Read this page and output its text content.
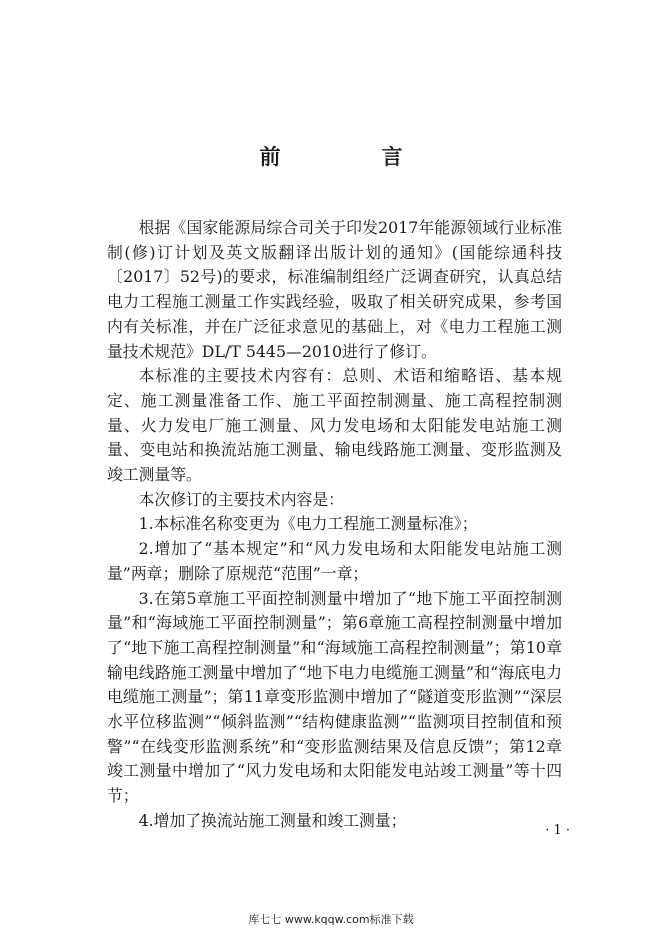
前　言

根据《国家能源局综合司关于印发2017年能源领域行业标准制(修)订计划及英文版翻译出版计划的通知》(国能综通科技〔2017〕52号)的要求，标准编制组经广泛调查研究，认真总结电力工程施工测量工作实践经验，吸取了相关研究成果，参考国内有关标准，并在广泛征求意见的基础上，对《电力工程施工测量技术规范》DL/T 5445—2010进行了修订。

本标准的主要技术内容有：总则、术语和缩略语、基本规定、施工测量准备工作、施工平面控制测量、施工高程控制测量、火力发电厂施工测量、风力发电场和太阳能发电站施工测量、变电站和换流站施工测量、输电线路施工测量、变形监测及竣工测量等。

本次修订的主要技术内容是：

1.本标准名称变更为《电力工程施工测量标准》；

2.增加了“基本规定”和“风力发电场和太阳能发电站施工测量”两章；删除了原规范“范围”一章；

3.在第5章施工平面控制测量中增加了“地下施工平面控制测量”和“海域施工平面控制测量”；第6章施工高程控制测量中增加了“地下施工高程控制测量”和“海域施工高程控制测量”；第10章输电线路施工测量中增加了“地下电力电缆施工测量”和“海底电力电缆施工测量”；第11章变形监测中增加了“隧道变形监测”“深层水平位移监测”“倾斜监测”“结构健康监测”“监测项目控制值和预警”“在线变形监测系统”和“变形监测结果及信息反馈”；第12章竣工测量中增加了“风力发电场和太阳能发电站竣工测量”等十四节；

4.增加了换流站施工测量和竣工测量；

· 1 ·
库七七 www.kqqw.com标准下载
